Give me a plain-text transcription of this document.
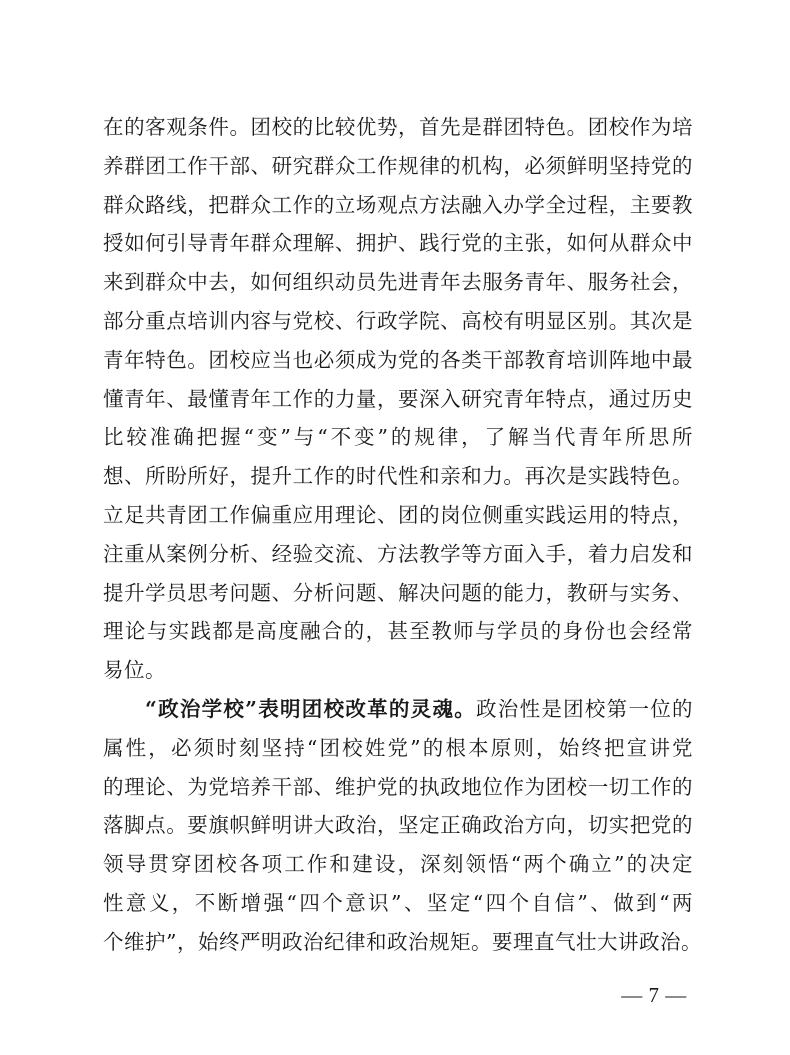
在的客观条件。团校的比较优势，首先是群团特色。团校作为培
养群团工作干部、研究群众工作规律的机构，必须鲜明坚持党的
群众路线，把群众工作的立场观点方法融入办学全过程，主要教
授如何引导青年群众理解、拥护、践行党的主张，如何从群众中
来到群众中去，如何组织动员先进青年去服务青年、服务社会，
部分重点培训内容与党校、行政学院、高校有明显区别。其次是
青年特色。团校应当也必须成为党的各类干部教育培训阵地中最
懂青年、最懂青年工作的力量，要深入研究青年特点，通过历史
比较准确把握“变”与“不变”的规律，了解当代青年所思所
想、所盼所好，提升工作的时代性和亲和力。再次是实践特色。
立足共青团工作偏重应用理论、团的岗位侧重实践运用的特点，
注重从案例分析、经验交流、方法教学等方面入手，着力启发和
提升学员思考问题、分析问题、解决问题的能力，教研与实务、
理论与实践都是高度融合的，甚至教师与学员的身份也会经常
易位。
“政治学校”表明团校改革的灵魂。政治性是团校第一位的
属性，必须时刻坚持“团校姓党”的根本原则，始终把宣讲党
的理论、为党培养干部、维护党的执政地位作为团校一切工作的
落脚点。要旗帜鲜明讲大政治，坚定正确政治方向，切实把党的
领导贯穿团校各项工作和建设，深刻领悟“两个确立”的决定
性意义，不断增强“四个意识”、坚定“四个自信”、做到“两
个维护”，始终严明政治纪律和政治规矩。要理直气壮大讲政治。
— 7 —
